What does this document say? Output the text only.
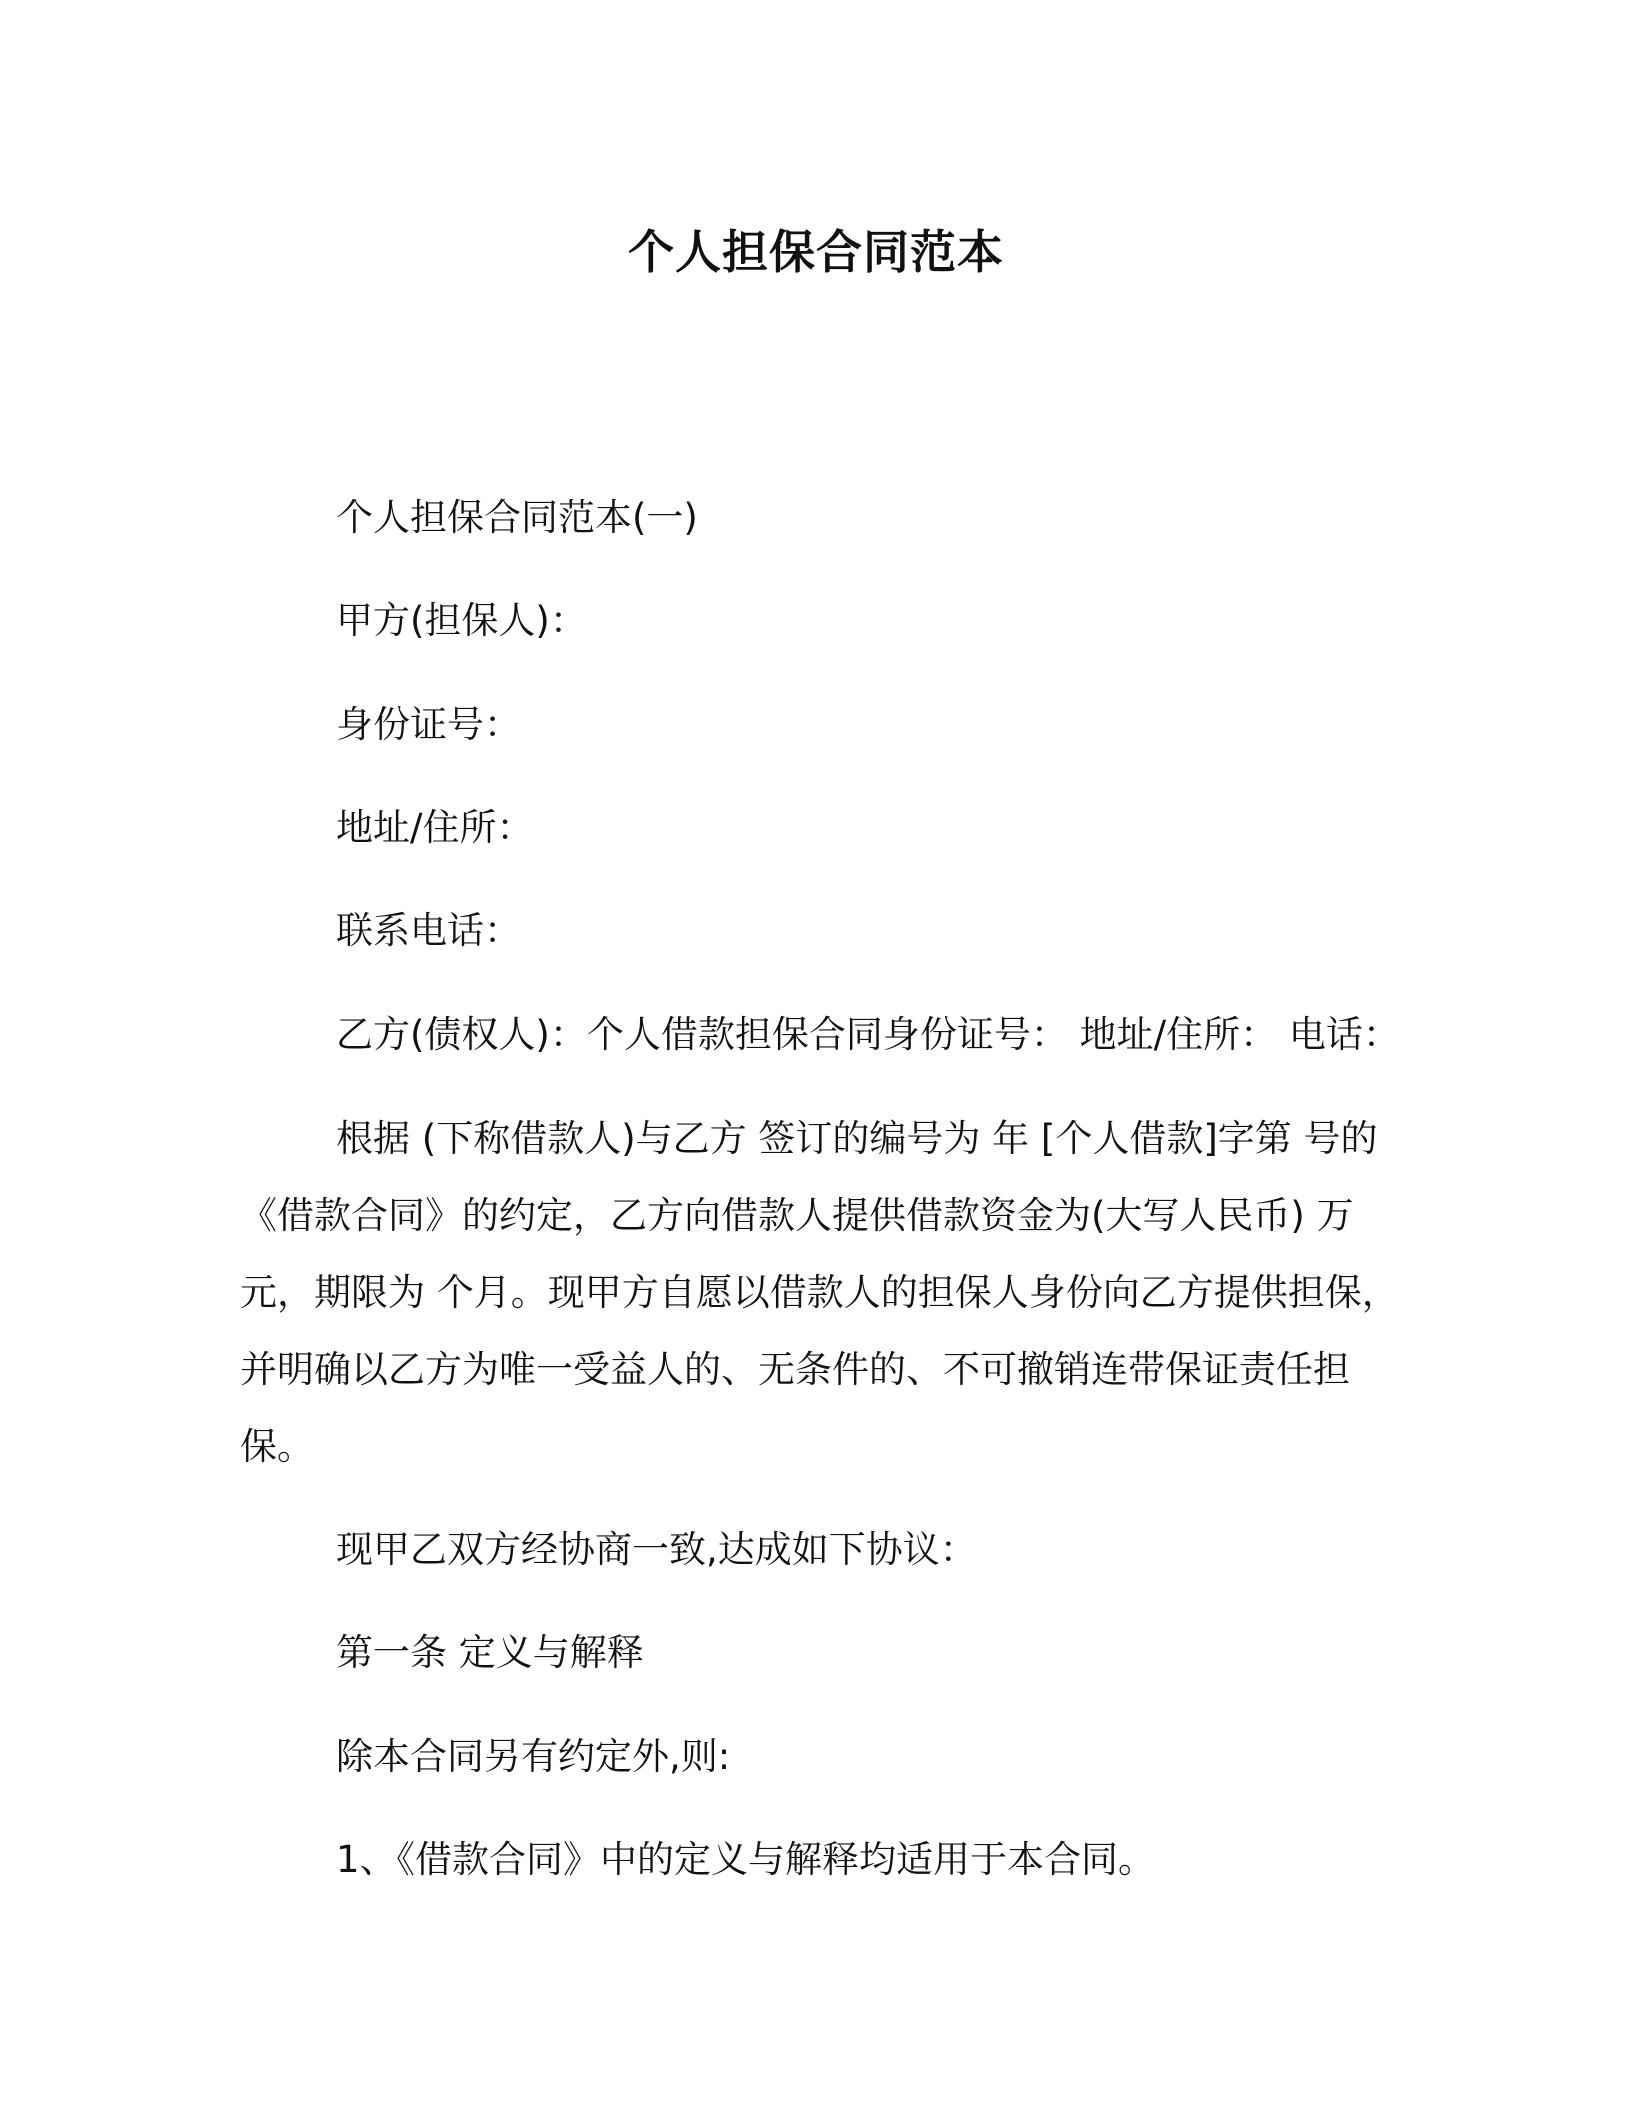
个人担保合同范本
个人担保合同范本(一)
甲方(担保人)：
身份证号：
地址/住所：
联系电话：
乙方(债权人)：个人借款担保合同身份证号： 地址/住所： 电话：
根据 (下称借款人)与乙方 签订的编号为 年 [个人借款]字第 号的《借款合同》的约定，乙方向借款人提供借款资金为(大写人民币) 万元，期限为 个月。现甲方自愿以借款人的担保人身份向乙方提供担保，并明确以乙方为唯一受益人的、无条件的、不可撤销连带保证责任担保。
现甲乙双方经协商一致,达成如下协议：
第一条 定义与解释
除本合同另有约定外,则:
1、《借款合同》中的定义与解释均适用于本合同。
